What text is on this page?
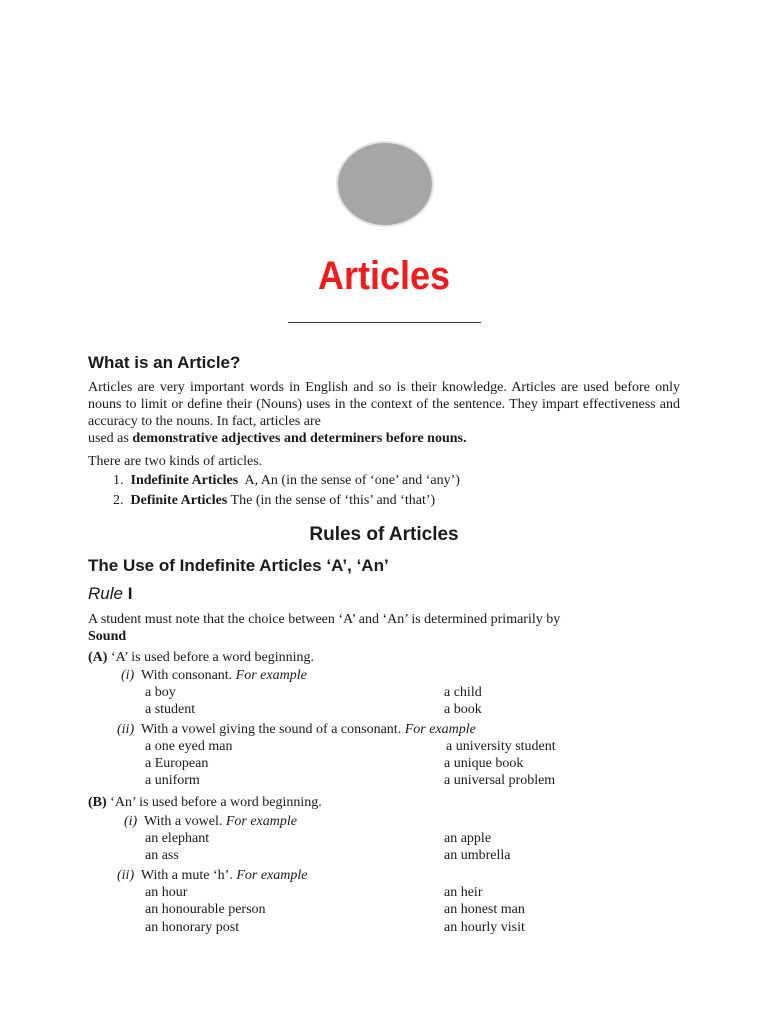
Articles
What is an Article?
Articles are very important words in English and so is their knowledge. Articles are used before only nouns to limit or define their (Nouns) uses in the context of the sentence. They impart effectiveness and accuracy to the nouns. In fact, articles are
used as demonstrative adjectives and determiners before nouns.
There are two kinds of articles.
1. Indefinite Articles A, An (in the sense of ‘one’ and ‘any’)
2. Definite Articles The (in the sense of ‘this’ and ‘that’)
Rules of Articles
The Use of Indefinite Articles ‘A’, ‘An’
Rule I
A student must note that the choice between ‘A’ and ‘An’ is determined primarily by
Sound
(A) ‘A’ is used before a word beginning.
(i) With consonant. For example
a boy	a child
a student	a book
(ii) With a vowel giving the sound of a consonant. For example
a one eyed man	a university student
a European	a unique book
a uniform	a universal problem
(B) ‘An’ is used before a word beginning.
(i) With a vowel. For example
an elephant	an apple
an ass	an umbrella
(ii) With a mute ‘h’. For example
an hour	an heir
an honourable person	an honest man
an honorary post	an hourly visit
